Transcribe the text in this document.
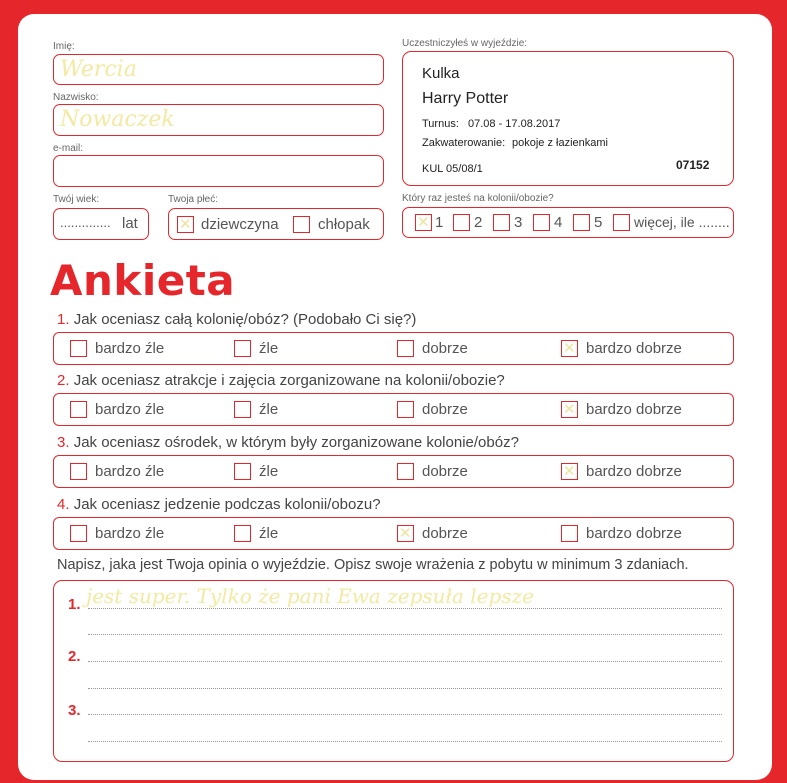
Imię:
Wercia
Nazwisko:
Nowaczek
e-mail:
Twój wiek:
.............. lat
Twoja płeć:
✕ dziewczyna	chłopak
Uczestniczyłeś w wyjeździe:
Kulka
Harry Potter
Turnus: 07.08 - 17.08.2017
Zakwaterowanie: pokoje z łazienkami
KUL 05/08/1	07152
Który raz jesteś na kolonii/obozie?
✕ 1 2 3 4 5 więcej, ile ........
Ankieta
1. Jak oceniasz całą kolonię/obóz? (Podobało Ci się?)
bardzo źle	źle	dobrze	✕ bardzo dobrze
2. Jak oceniasz atrakcje i zajęcia zorganizowane na kolonii/obozie?
bardzo źle	źle	dobrze	✕ bardzo dobrze
3. Jak oceniasz ośrodek, w którym były zorganizowane kolonie/obóz?
bardzo źle	źle	dobrze	✕ bardzo dobrze
4. Jak oceniasz jedzenie podczas kolonii/obozu?
bardzo źle	źle	✕ dobrze	bardzo dobrze
Napisz, jaka jest Twoja opinia o wyjeździe. Opisz swoje wrażenia z pobytu w minimum 3 zdaniach.
1.
2.
3.
jest super. Tylko że pani Ewa zepsuła lepsze
